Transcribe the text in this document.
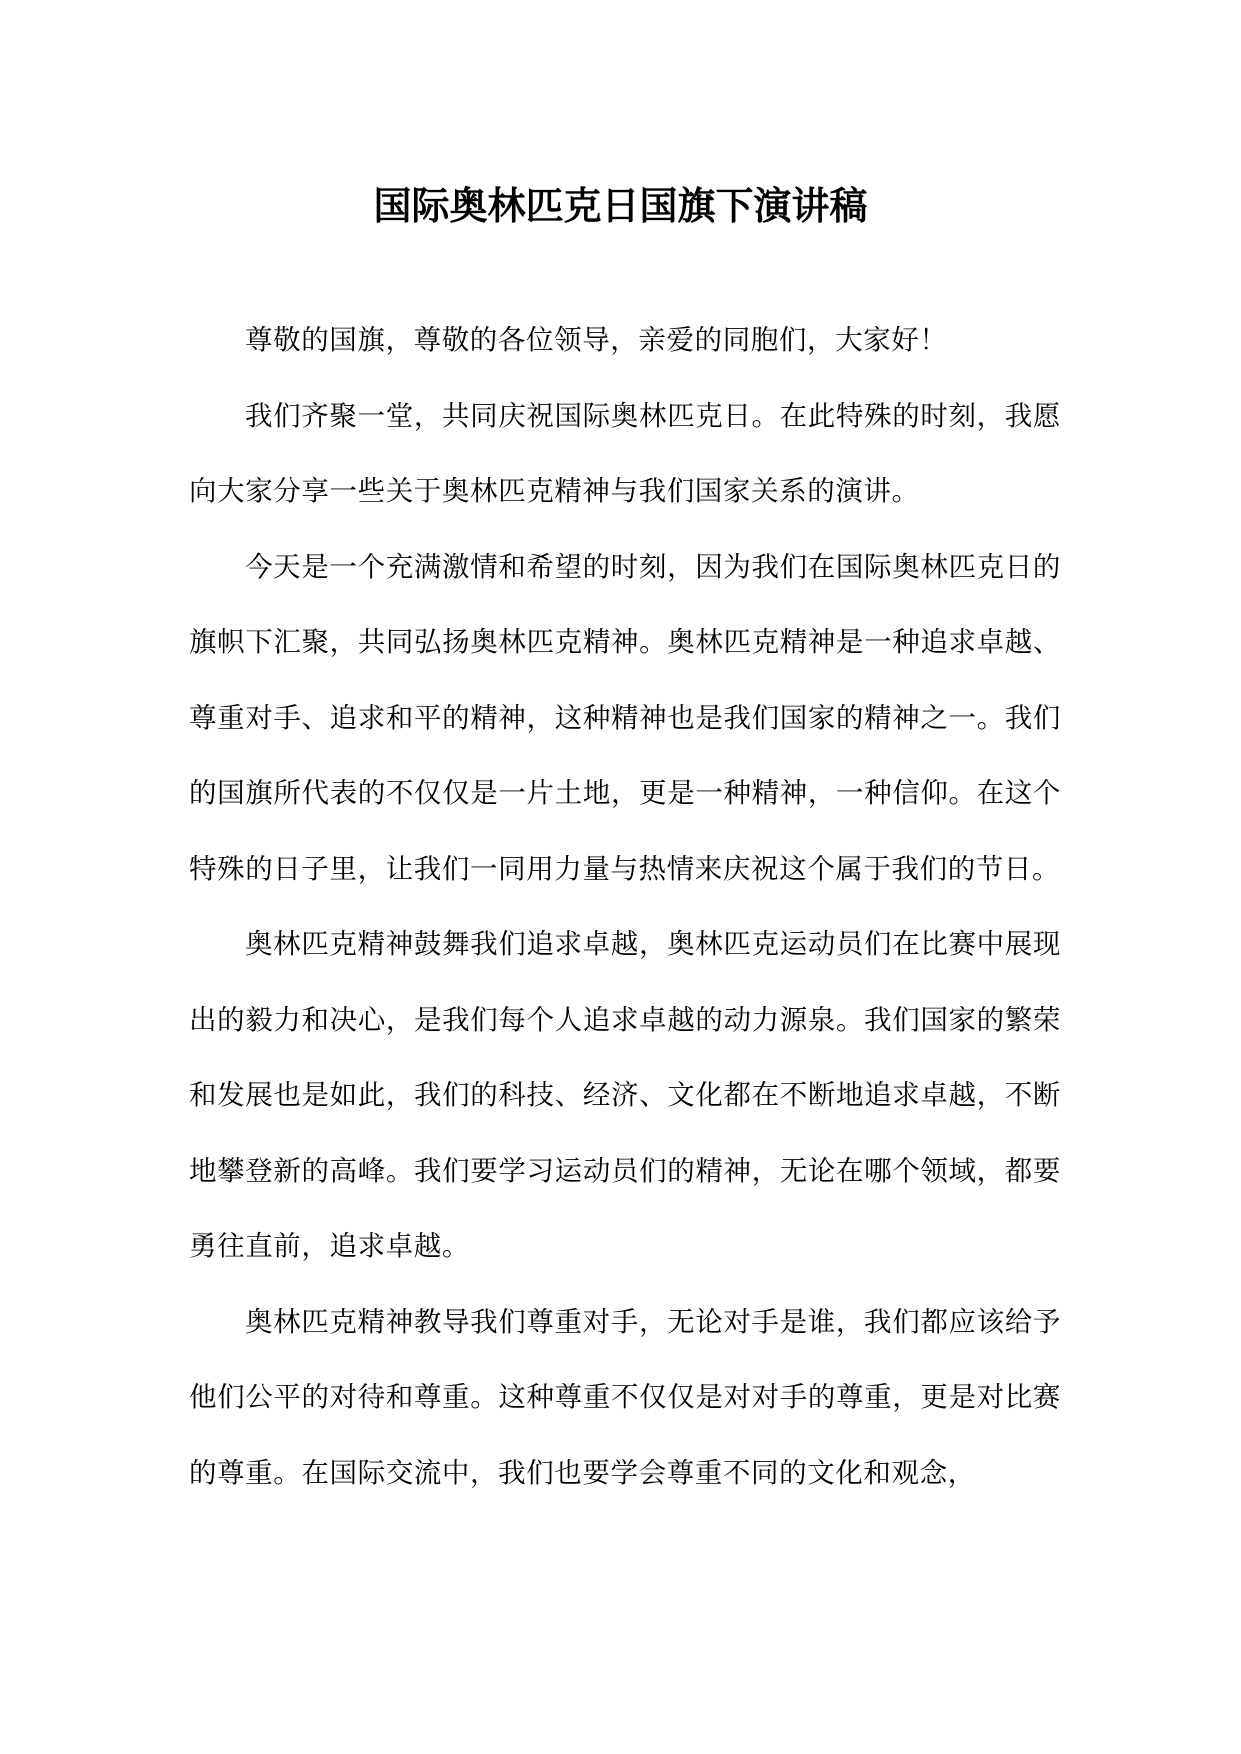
国际奥林匹克日国旗下演讲稿

尊敬的国旗，尊敬的各位领导，亲爱的同胞们，大家好！

我们齐聚一堂，共同庆祝国际奥林匹克日。在此特殊的时刻，我愿向大家分享一些关于奥林匹克精神与我们国家关系的演讲。

今天是一个充满激情和希望的时刻，因为我们在国际奥林匹克日的旗帜下汇聚，共同弘扬奥林匹克精神。奥林匹克精神是一种追求卓越、尊重对手、追求和平的精神，这种精神也是我们国家的精神之一。我们的国旗所代表的不仅仅是一片土地，更是一种精神，一种信仰。在这个特殊的日子里，让我们一同用力量与热情来庆祝这个属于我们的节日。

奥林匹克精神鼓舞我们追求卓越，奥林匹克运动员们在比赛中展现出的毅力和决心，是我们每个人追求卓越的动力源泉。我们国家的繁荣和发展也是如此，我们的科技、经济、文化都在不断地追求卓越，不断地攀登新的高峰。我们要学习运动员们的精神，无论在哪个领域，都要勇往直前，追求卓越。

奥林匹克精神教导我们尊重对手，无论对手是谁，我们都应该给予他们公平的对待和尊重。这种尊重不仅仅是对对手的尊重，更是对比赛的尊重。在国际交流中，我们也要学会尊重不同的文化和观念，
